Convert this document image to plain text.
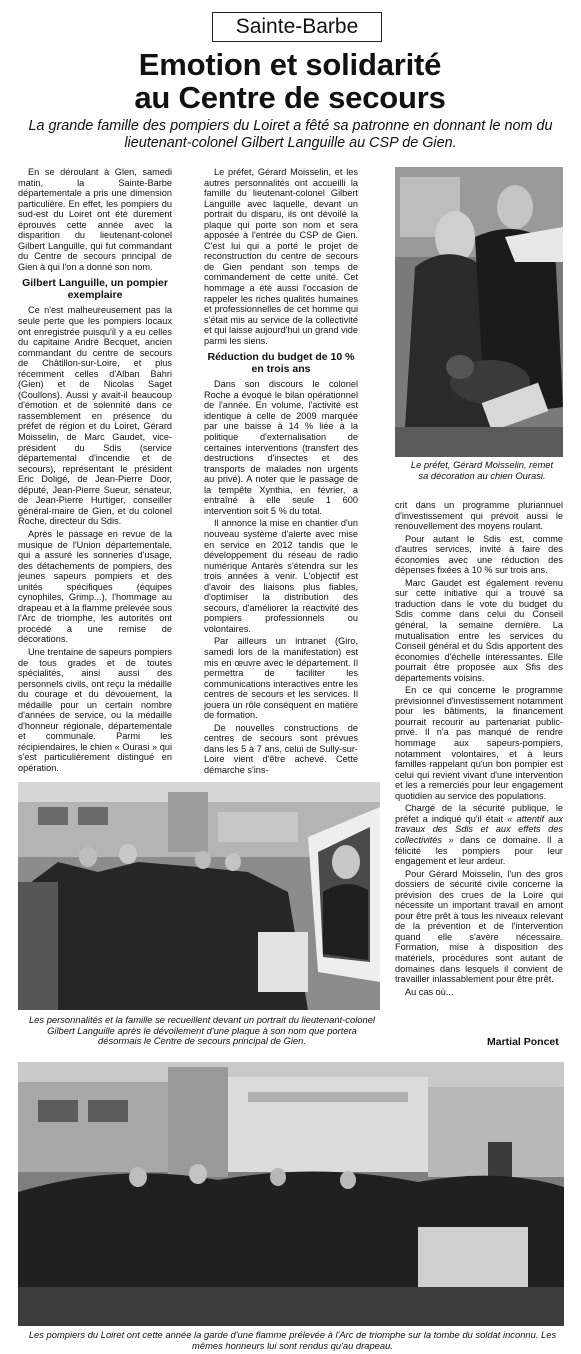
Sainte-Barbe
Emotion et solidarité
au Centre de secours
La grande famille des pompiers du Loiret a fêté sa patronne en donnant le nom du lieutenant-colonel Gilbert Languille au CSP de Gien.

En se déroulant à Glen, samedi matin, la Sainte-Barbe départementale a pris une dimension particulière. En effet, les pompiers du sud-est du Loiret ont été durement éprouvés cette année avec la disparition du lieutenant-colonel Gilbert Languille, qui fut commandant du Centre de secours principal de Gien à qui l'on a donné son nom.

Gilbert Languille, un pompier exemplaire

Ce n'est malheureusement pas la seule perte que les pompiers locaux ont enregistrée puisqu'il y a eu celles du capitaine André Becquet, ancien commandant du centre de secours de Châtillon-sur-Loire, et plus récemment celles d'Alban Bahri (Gien) et de Nicolas Saget (Coullons). Aussi y avait-il beaucoup d'émotion et de solennité dans ce rassemblement en présence du préfet de région et du Loiret, Gérard Moisselin, de Marc Gaudet, vice-président du Sdis (service départemental d'incendie et de secours), représentant le président Eric Doligé, de Jean-Pierre Door, député, Jean-Pierre Sueur, sénateur, de Jean-Pierre Hurtiger, conseiller général-maire de Gien, et du colonel Roche, directeur du Sdis.

Après le passage en revue de la musique de l'Union départementale, qui a assuré les sonneries d'usage, des détachements de pompiers, des jeunes sapeurs pompiers et des unités spécifiques (équipes cynophiles, Grimp...), l'hommage au drapeau et à la flamme prélevée sous l'Arc de triomphe, les autorités ont procédé à une remise de décorations.

Une trentaine de sapeurs pompiers de tous grades et de toutes spécialités, ainsi aussi des personnels civils, ont reçu la médaille du courage et du dévouement, la médaille pour un certain nombre d'années de service, ou la médaille d'honneur régionale, départementale et communale. Parmi les récipiendaires, le chien « Ourasi » qui s'est particulièrement distingué en opération.

Le préfet, Gérard Moisselin, et les autres personnalités ont accueilli la famille du lieutenant-colonel Gilbert Languille avec laquelle, devant un portrait du disparu, ils ont dévoilé la plaque qui porte son nom et sera apposée à l'entrée du CSP de Gien. C'est lui qui a porté le projet de reconstruction du centre de secours de Gien pendant son temps de commandement de cette unité. Cet hommage a été aussi l'occasion de rappeler les riches qualités humaines et professionnelles de cet homme qui s'était mis au service de la collectivité et qui laisse aujourd'hui un grand vide parmi les siens.

Réduction du budget de 10 % en trois ans

Dans son discours le colonel Roche a évoqué le bilan opérationnel de l'année. En volume, l'activité est identique à celle de 2009 marquée par une baisse à 14 % liée à la politique d'externalisation de certaines interventions (transfert des destructions d'insectes et des transports de malades non urgents au privé). A noter que le passage de la tempête Xynthia, en février, a entraîné à elle seule 1 600 intervention soit 5 % du total.

Il annonce la mise en chantier d'un nouveau système d'alerte avec mise en service en 2012 tandis que le développement du réseau de radio numérique Antarès s'étendra sur les trois années à venir. L'objectif est d'avoir des liaisons plus fiables, d'optimiser la distribution des secours, d'améliorer la réactivité des pompiers professionnels ou volontaires.

Par ailleurs un intranet (Giro, samedi lors de la manifestation) est mis en œuvre avec le département. Il permettra de faciliter les communications interactives entre les centres de secours et les services. Il jouera un rôle conséquent en matière de formation.

De nouvelles constructions de centres de secours sont prévues dans les 5 à 7 ans, celui de Sully-sur-Loire vient d'être achevé. Cette démarche s'ins-

Le préfet, Gérard Moisselin, remet sa décoration au chien Ourasi.

crit dans un programme pluriannuel d'investissement qui prévoit aussi le renouvellement des moyens roulant.

Pour autant le Sdis est, comme d'autres services, invité à faire des économies avec une réduction des dépenses fixées à 10 % sur trois ans.

Marc Gaudet est également revenu sur cette initiative qui a trouvé sa traduction dans le vote du budget du Sdis comme dans celui du Conseil général, la semaine dernière. La mutualisation entre les services du Conseil général et du Sdis apportent des économies d'échelle intéressantes. Elle pourrait être proposée aux Sfis des départements voisins.

En ce qui concerne le programme prévisionnel d'investissement notamment pour les bâtiments, la financement pourrait recourir au partenariat public-privé. Il n'a pas manqué de rendre hommage aux sapeurs-pompiers, notamment volontaires, et à leurs familles rappelant qu'un bon pompier est celui qui revient vivant d'une intervention et les a remerciés pour leur engagement quotidien au service des populations.

Chargé de la sécurité publique, le préfet a indiqué qu'il était « attentif aux travaux des Sdis et aux effets des collectivités » dans ce domaine. Il a félicité les pompiers pour leur engagement et leur ardeur.

Pour Gérard Moisselin, l'un des gros dossiers de sécurité civile concerne la prévision des crues de la Loire qui nécessite un important travail en amont pour être prêt à tous les niveaux relevant de la prévention et de l'intervention quand elle s'avère nécessaire. Formation, mise à disposition des matériels, procédures sont autant de domaines dans lesquels il convient de travailler inlassablement pour être prêt.

Au cas où...

Martial Poncet
Les personnalités et la famille se recueillent devant un portrait du lieutenant-colonel Gilbert Languille après le dévoilement d'une plaque à son nom que portera désormais le Centre de secours principal de Gien.
Les pompiers du Loiret ont cette année la garde d'une flamme prélevée à l'Arc de triomphe sur la tombe du soldat inconnu. Les mêmes honneurs lui sont rendus qu'au drapeau.
